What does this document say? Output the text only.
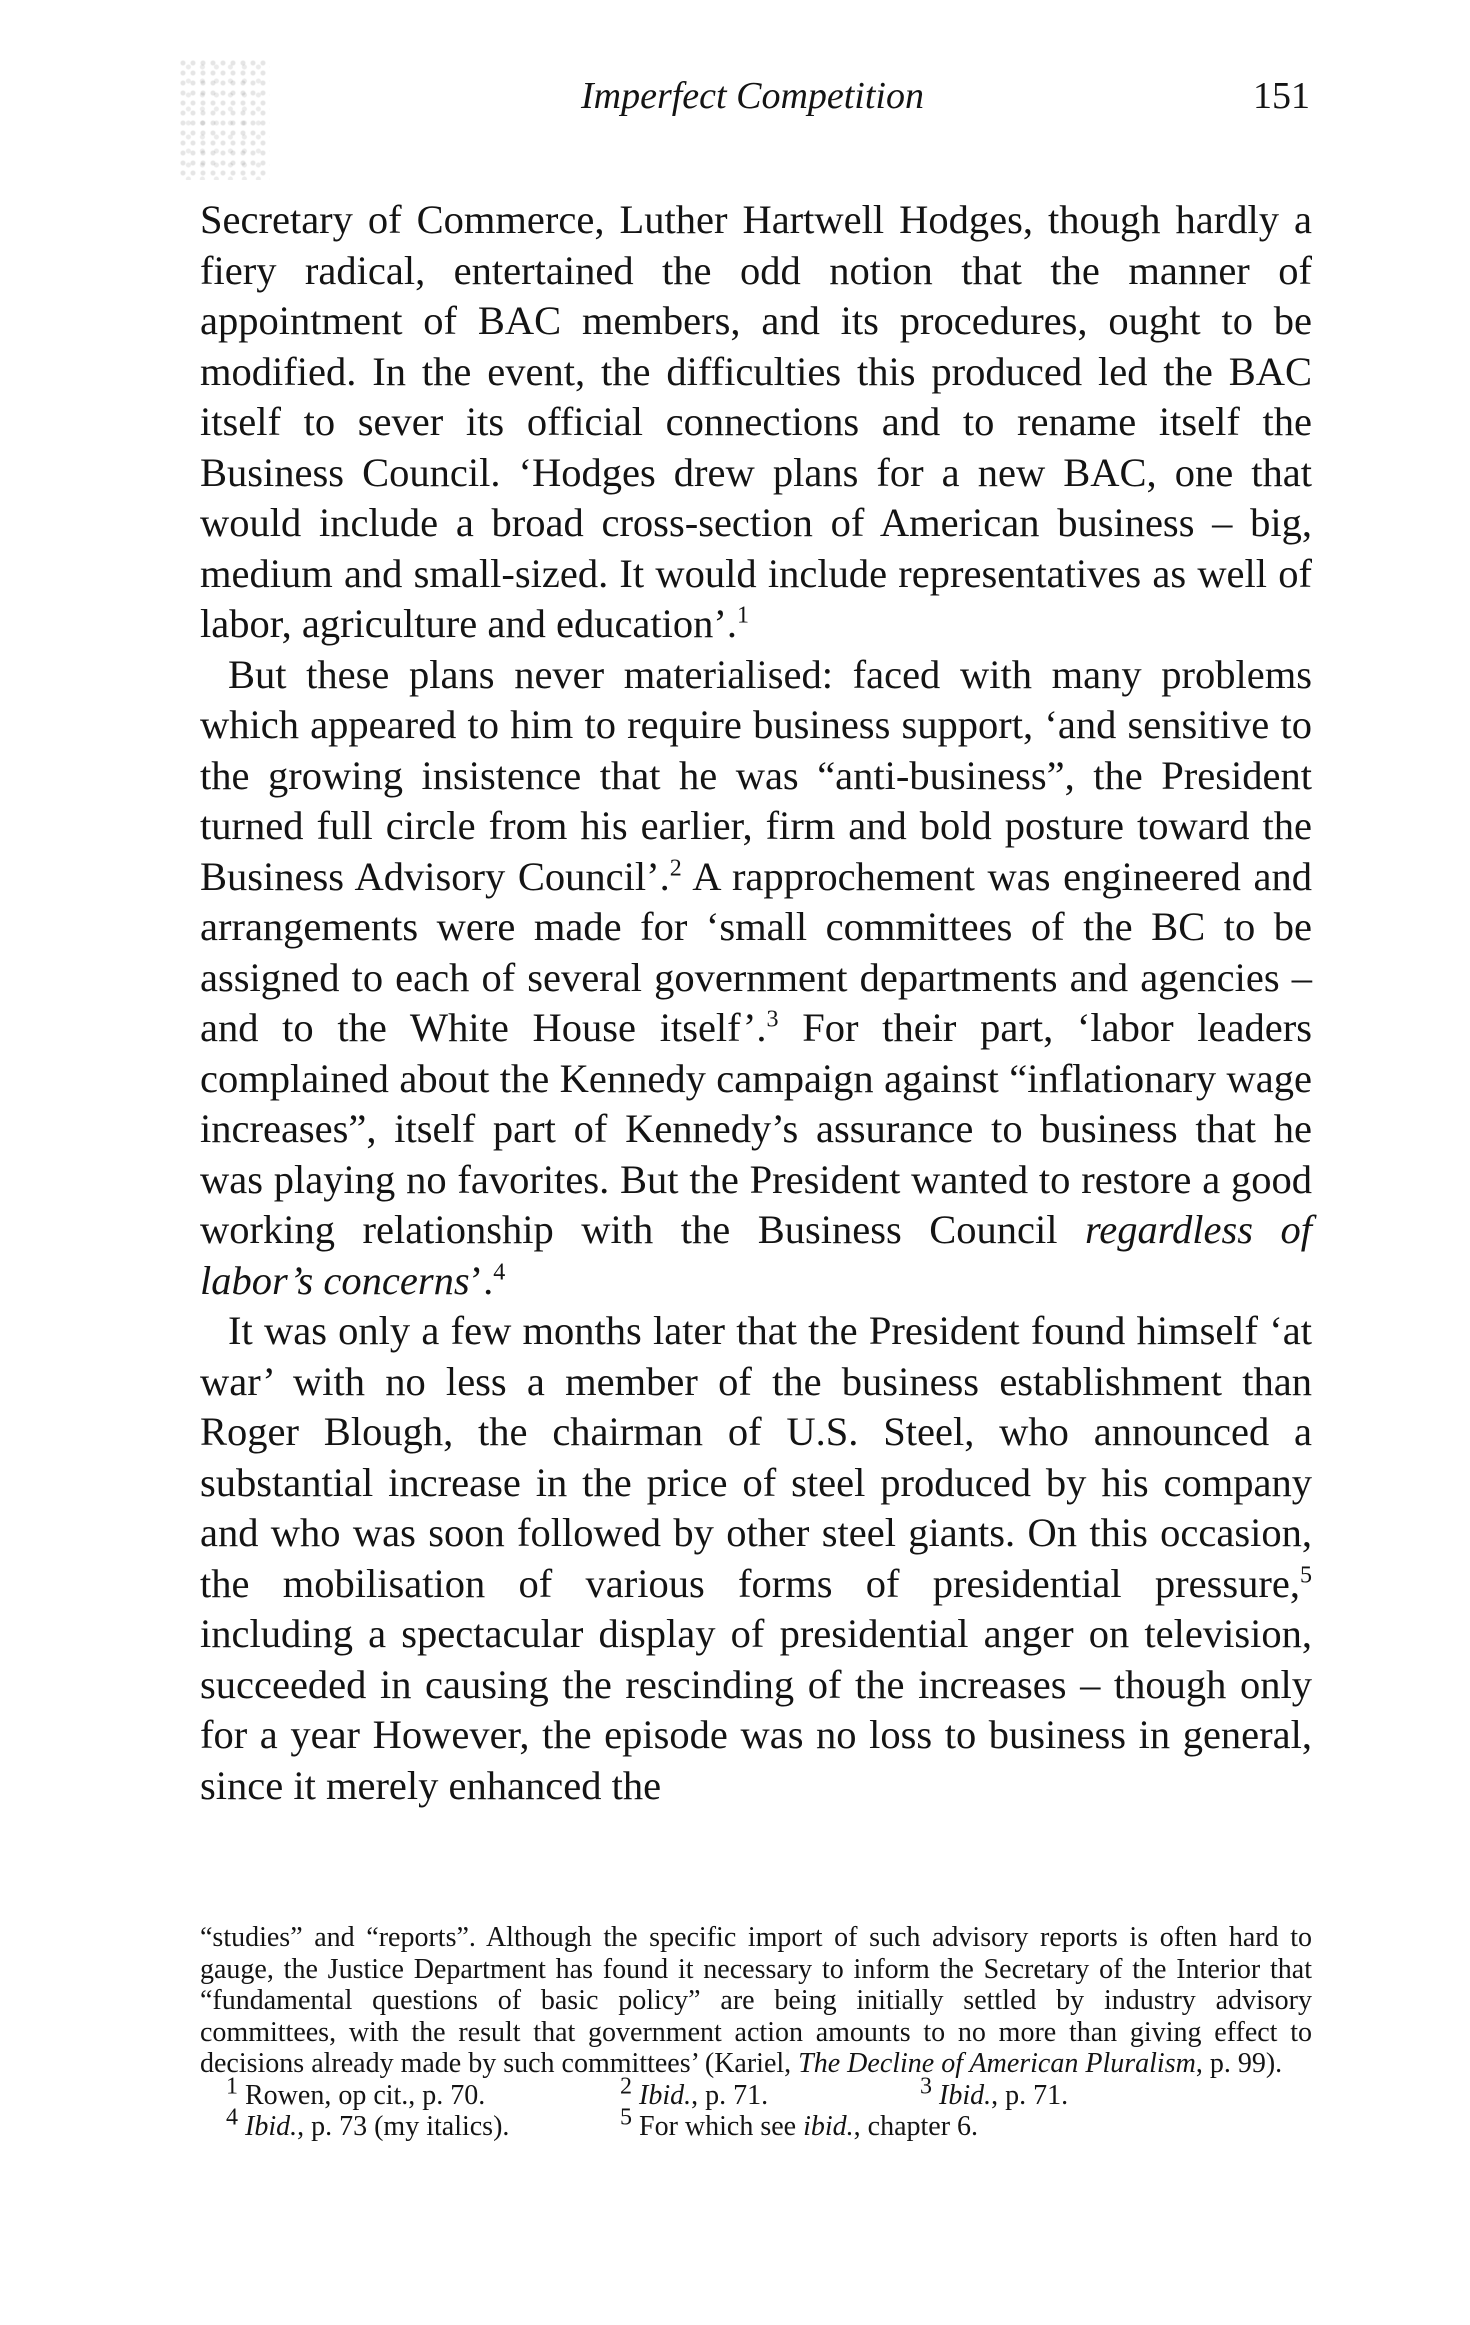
Imperfect Competition	151

Secretary of Commerce, Luther Hartwell Hodges, though hardly a fiery radical, entertained the odd notion that the manner of appointment of BAC members, and its procedures, ought to be modified. In the event, the difficulties this produced led the BAC itself to sever its official connections and to rename itself the Business Council. ‘Hodges drew plans for a new BAC, one that would include a broad cross-section of American business – big, medium and small-sized. It would include representatives as well of labor, agriculture and education’.$^1$

But these plans never materialised: faced with many problems which appeared to him to require business support, ‘and sensitive to the growing insistence that he was “anti-business”, the President turned full circle from his earlier, firm and bold posture toward the Business Advisory Council’.$^2$ A rapprochement was engineered and arrangements were made for ‘small committees of the BC to be assigned to each of several government departments and agencies – and to the White House itself’.$^3$ For their part, ‘labor leaders complained about the Kennedy campaign against “inflationary wage increases”, itself part of Kennedy’s assurance to business that he was playing no favorites. But the President wanted to restore a good working relationship with the Business Council regardless of labor’s concerns’.$^4$

It was only a few months later that the President found himself ‘at war’ with no less a member of the business establishment than Roger Blough, the chairman of U.S. Steel, who announced a substantial increase in the price of steel produced by his company and who was soon followed by other steel giants. On this occasion, the mobilisation of various forms of presidential pressure,$^5$ including a spectacular display of presidential anger on television, succeeded in causing the rescinding of the increases – though only for a year However, the episode was no loss to business in general, since it merely enhanced the

“studies” and “reports”. Although the specific import of such advisory reports is often hard to gauge, the Justice Department has found it necessary to inform the Secretary of the Interior that “fundamental questions of basic policy” are being initially settled by industry advisory committees, with the result that government action amounts to no more than giving effect to decisions already made by such committees’ (Kariel, The Decline of American Pluralism, p. 99).

$^1$ Rowen, op cit., p. 70.	$^2$ Ibid., p. 71.	$^3$ Ibid., p. 71.
$^4$ Ibid., p. 73 (my italics).	$^5$ For which see ibid., chapter 6.
